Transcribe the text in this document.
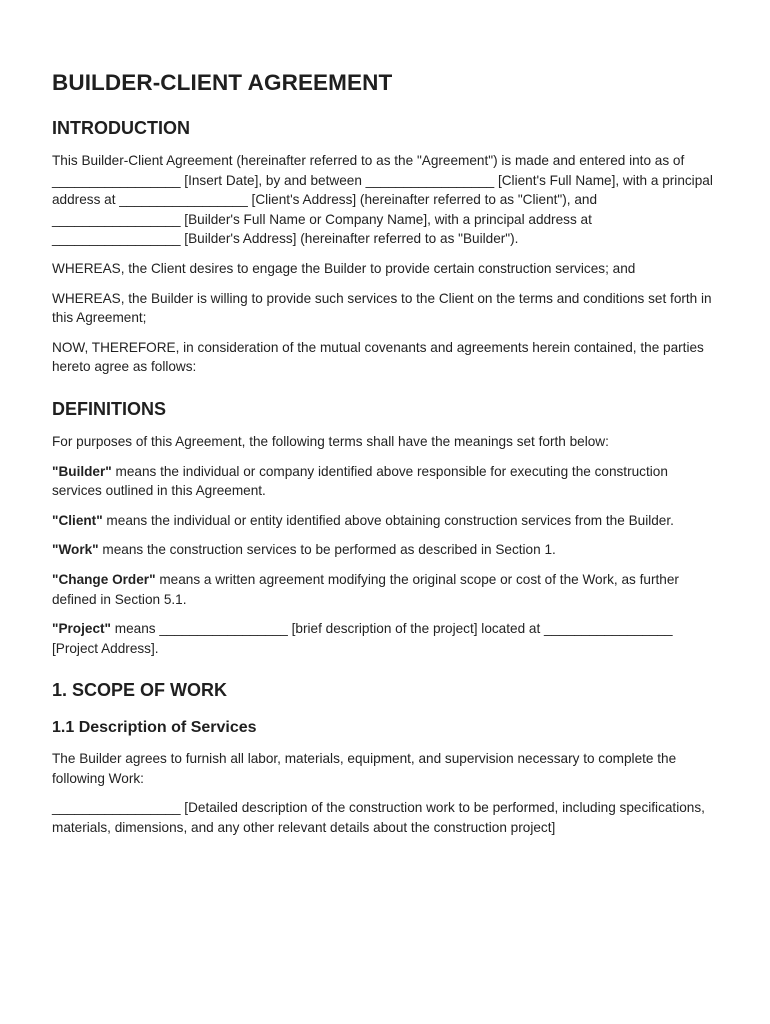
BUILDER-CLIENT AGREEMENT
INTRODUCTION

This Builder-Client Agreement (hereinafter referred to as the "Agreement") is made and entered into as of _________________ [Insert Date], by and between _________________ [Client's Full Name], with a principal address at _________________ [Client's Address] (hereinafter referred to as "Client"), and _________________ [Builder's Full Name or Company Name], with a principal address at _________________ [Builder's Address] (hereinafter referred to as "Builder").

WHEREAS, the Client desires to engage the Builder to provide certain construction services; and

WHEREAS, the Builder is willing to provide such services to the Client on the terms and conditions set forth in this Agreement;

NOW, THEREFORE, in consideration of the mutual covenants and agreements herein contained, the parties hereto agree as follows:

DEFINITIONS

For purposes of this Agreement, the following terms shall have the meanings set forth below:

"Builder" means the individual or company identified above responsible for executing the construction services outlined in this Agreement.

"Client" means the individual or entity identified above obtaining construction services from the Builder.

"Work" means the construction services to be performed as described in Section 1.

"Change Order" means a written agreement modifying the original scope or cost of the Work, as further defined in Section 5.1.

"Project" means _________________ [brief description of the project] located at _________________ [Project Address].

1. SCOPE OF WORK
1.1 Description of Services

The Builder agrees to furnish all labor, materials, equipment, and supervision necessary to complete the following Work:

_________________ [Detailed description of the construction work to be performed, including specifications, materials, dimensions, and any other relevant details about the construction project]
